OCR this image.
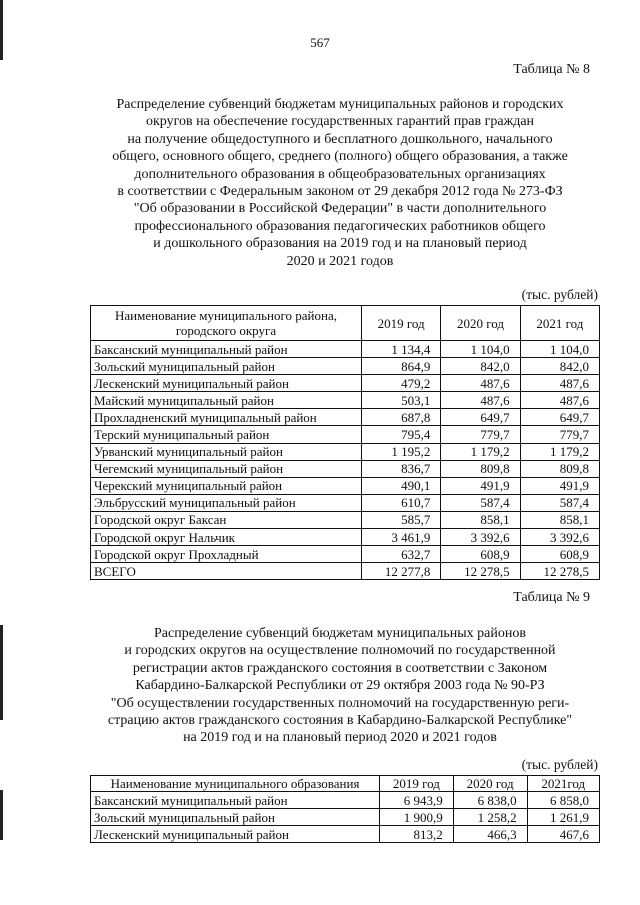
567
Таблица № 8
Распределение субвенций бюджетам муниципальных районов и городских
округов на обеспечение государственных гарантий прав граждан
на получение общедоступного и бесплатного дошкольного, начального
общего, основного общего, среднего (полного) общего образования, а также
дополнительного образования в общеобразовательных организациях
в соответствии с Федеральным законом от 29 декабря 2012 года № 273-ФЗ
"Об образовании в Российской Федерации" в части дополнительного
профессионального образования педагогических работников общего
и дошкольного образования на 2019 год и на плановый период
2020 и 2021 годов
(тыс. рублей)
Наименование муниципального района, городского округа	2019 год	2020 год	2021 год
Баксанский муниципальный район	1 134,4	1 104,0	1 104,0
Зольский муниципальный район	864,9	842,0	842,0
Лескенский муниципальный район	479,2	487,6	487,6
Майский муниципальный район	503,1	487,6	487,6
Прохладненский муниципальный район	687,8	649,7	649,7
Терский муниципальный район	795,4	779,7	779,7
Урванский муниципальный район	1 195,2	1 179,2	1 179,2
Чегемский муниципальный район	836,7	809,8	809,8
Черекский муниципальный район	490,1	491,9	491,9
Эльбрусский муниципальный район	610,7	587,4	587,4
Городской округ Баксан	585,7	858,1	858,1
Городской округ Нальчик	3 461,9	3 392,6	3 392,6
Городской округ Прохладный	632,7	608,9	608,9
ВСЕГО	12 277,8	12 278,5	12 278,5
Таблица № 9
Распределение субвенций бюджетам муниципальных районов
и городских округов на осуществление полномочий по государственной
регистрации актов гражданского состояния в соответствии с Законом
Кабардино-Балкарской Республики от 29 октября 2003 года № 90-РЗ
"Об осуществлении государственных полномочий на государственную реги-
страцию актов гражданского состояния в Кабардино-Балкарской Республике"
на 2019 год и на плановый период 2020 и 2021 годов
(тыс. рублей)
Наименование муниципального образования	2019 год	2020 год	2021год
Баксанский муниципальный район	6 943,9	6 838,0	6 858,0
Зольский муниципальный район	1 900,9	1 258,2	1 261,9
Лескенский муниципальный район	813,2	466,3	467,6
